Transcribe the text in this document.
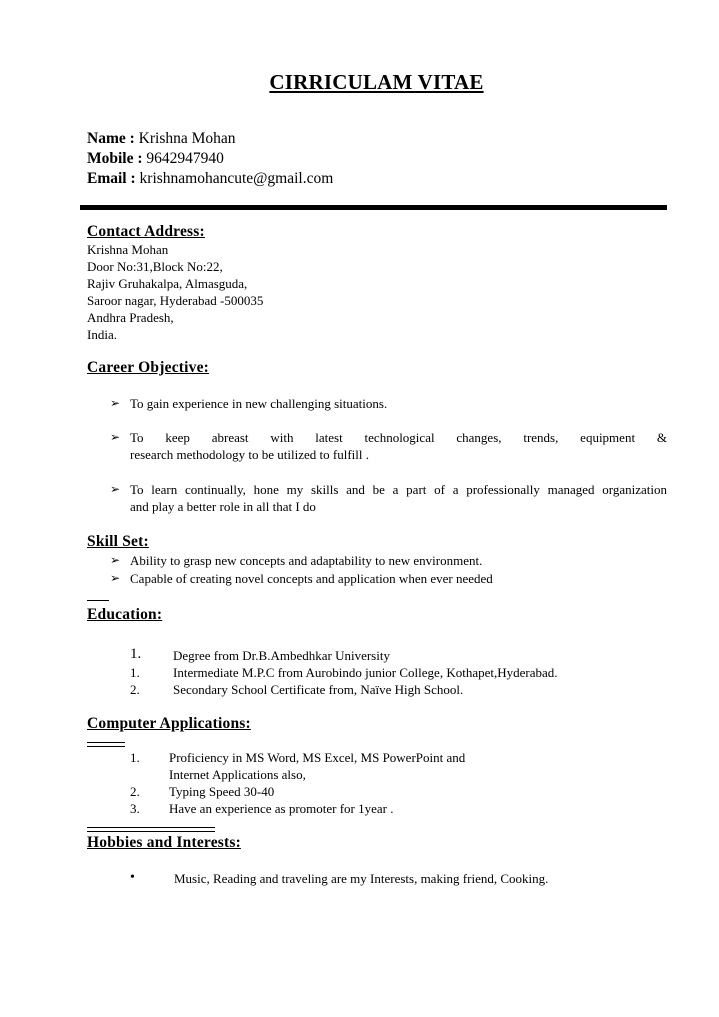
CIRRICULAM VITAE
Name : Krishna Mohan
Mobile : 9642947940
Email : krishnamohancute@gmail.com
Contact Address:
Krishna Mohan
Door No:31,Block No:22,
Rajiv Gruhakalpa, Almasguda,
Saroor nagar, Hyderabad -500035
Andhra Pradesh,
India.
Career Objective:
➢ To gain experience in new challenging situations.
➢ To keep abreast with latest technological changes, trends, equipment &
research methodology to be utilized to fulfill .
➢ To learn continually, hone my skills and be a part of a professionally managed organization
and play a better role in all that I do
Skill Set:
➢ Ability to grasp new concepts and adaptability to new environment.
➢ Capable of creating novel concepts and application when ever needed
Education:
1. Degree from Dr.B.Ambedhkar University
1.	Intermediate M.P.C from Aurobindo junior College, Kothapet,Hyderabad.
2.	Secondary School Certificate from, Naïve High School.
Computer Applications:
1. Proficiency in MS Word, MS Excel, MS PowerPoint and
Internet Applications also,
2. Typing Speed 30-40
3. Have an experience as promoter for 1year .
Hobbies and Interests:
•	Music, Reading and traveling are my Interests, making friend, Cooking.
